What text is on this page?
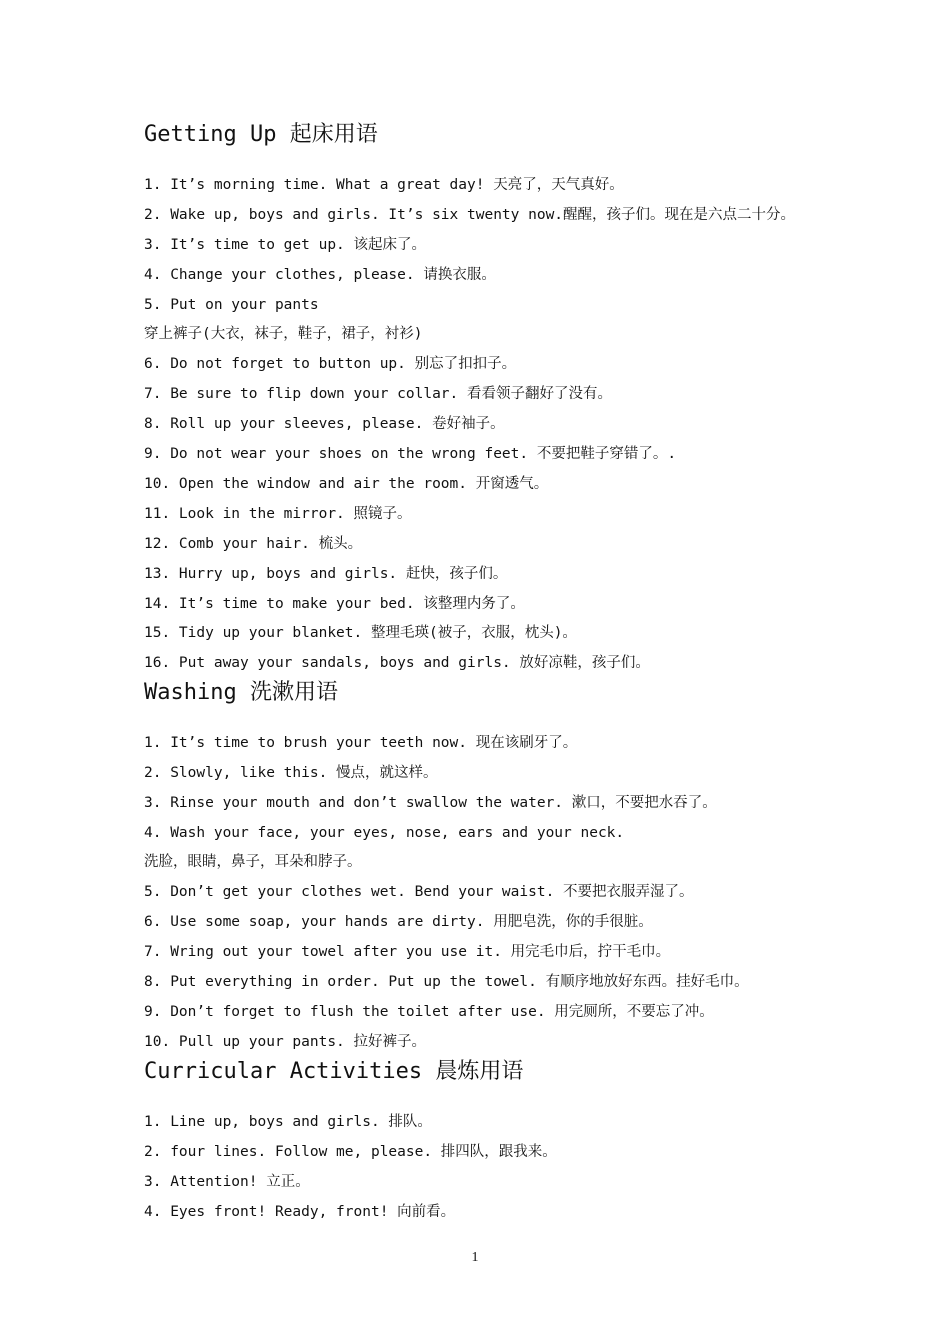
Getting Up 起床用语

1. It’s morning time. What a great day! 天亮了，天气真好。

2. Wake up, boys and girls. It’s six twenty now.醒醒，孩子们。现在是六点二十分。

3. It’s time to get up. 该起床了。

4. Change your clothes, please. 请换衣服。

5. Put on your pants

穿上裤子(大衣，袜子，鞋子，裙子，衬衫)

6. Do not forget to button up. 别忘了扣扣子。

7. Be sure to flip down your collar. 看看领子翻好了没有。

8. Roll up your sleeves, please. 卷好袖子。

9. Do not wear your shoes on the wrong feet. 不要把鞋子穿错了。.

10. Open the window and air the room. 开窗透气。

11. Look in the mirror. 照镜子。

12. Comb your hair. 梳头。

13. Hurry up, boys and girls. 赶快，孩子们。

14. It’s time to make your bed. 该整理内务了。

15. Tidy up your blanket. 整理毛瑛(被子，衣服，枕头)。

16. Put away your sandals, boys and girls. 放好凉鞋，孩子们。

Washing 洗漱用语

1. It’s time to brush your teeth now. 现在该刷牙了。

2. Slowly, like this. 慢点，就这样。

3. Rinse your mouth and don’t swallow the water. 漱口，不要把水吞了。

4. Wash your face, your eyes, nose, ears and your neck.

洗脸，眼睛，鼻子，耳朵和脖子。

5. Don’t get your clothes wet. Bend your waist. 不要把衣服弄湿了。

6. Use some soap, your hands are dirty. 用肥皂洗，你的手很脏。

7. Wring out your towel after you use it. 用完毛巾后，拧干毛巾。

8. Put everything in order. Put up the towel. 有顺序地放好东西。挂好毛巾。

9. Don’t forget to flush the toilet after use. 用完厕所，不要忘了冲。

10. Pull up your pants. 拉好裤子。

Curricular Activities 晨炼用语

1. Line up, boys and girls. 排队。

2. four lines. Follow me, please. 排四队，跟我来。

3. Attention! 立正。

4. Eyes front! Ready, front! 向前看。

1
